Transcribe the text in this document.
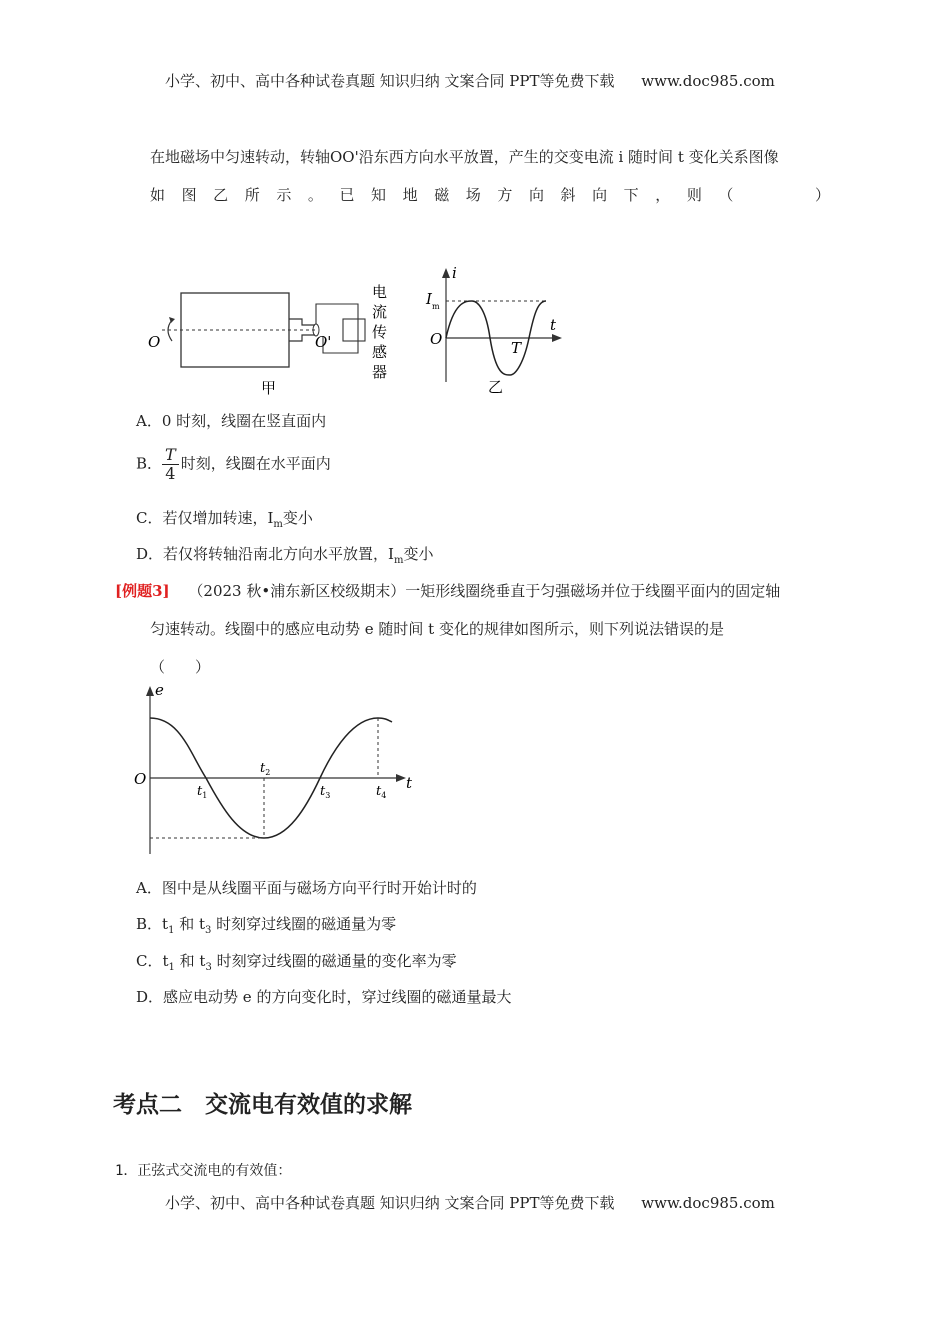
小学、初中、高中各种试卷真题 知识归纳 文案合同 PPT等免费下载 www.doc985.com
在地磁场中匀速转动，转轴OO'沿东西方向水平放置，产生的交变电流 i 随时间 t 变化关系图像
如 图 乙 所 示 。 已 知 地 磁 场 方 向 斜 向 下 ， 则 （	）
O	O'
电
流
传
感
器
甲
i
t
$I_m$
O	T
乙
A．0 时刻，线圈在竖直面内
B． $\frac{T}{4}$ 时刻，线圈在水平面内
C．若仅增加转速，$I_m$变小
D．若仅将转轴沿南北方向水平放置，$I_m$变小
[例题3] （2023 秋•浦东新区校级期末）一矩形线圈绕垂直于匀强磁场并位于线圈平面内的固定轴
匀速转动。线圈中的感应电动势 e 随时间 t 变化的规律如图所示，则下列说法错误的是
（　　）
e
t
O
$t_1$
$t_2$
$t_3$	$t_4$
A．图中是从线圈平面与磁场方向平行时开始计时的
B．$t_1$ 和 $t_3$ 时刻穿过线圈的磁通量为零
C．$t_1$ 和 $t_3$ 时刻穿过线圈的磁通量的变化率为零
D．感应电动势 e 的方向变化时，穿过线圈的磁通量最大
考点二　交流电有效值的求解
1．正弦式交流电的有效值：
小学、初中、高中各种试卷真题 知识归纳 文案合同 PPT等免费下载 www.doc985.com
